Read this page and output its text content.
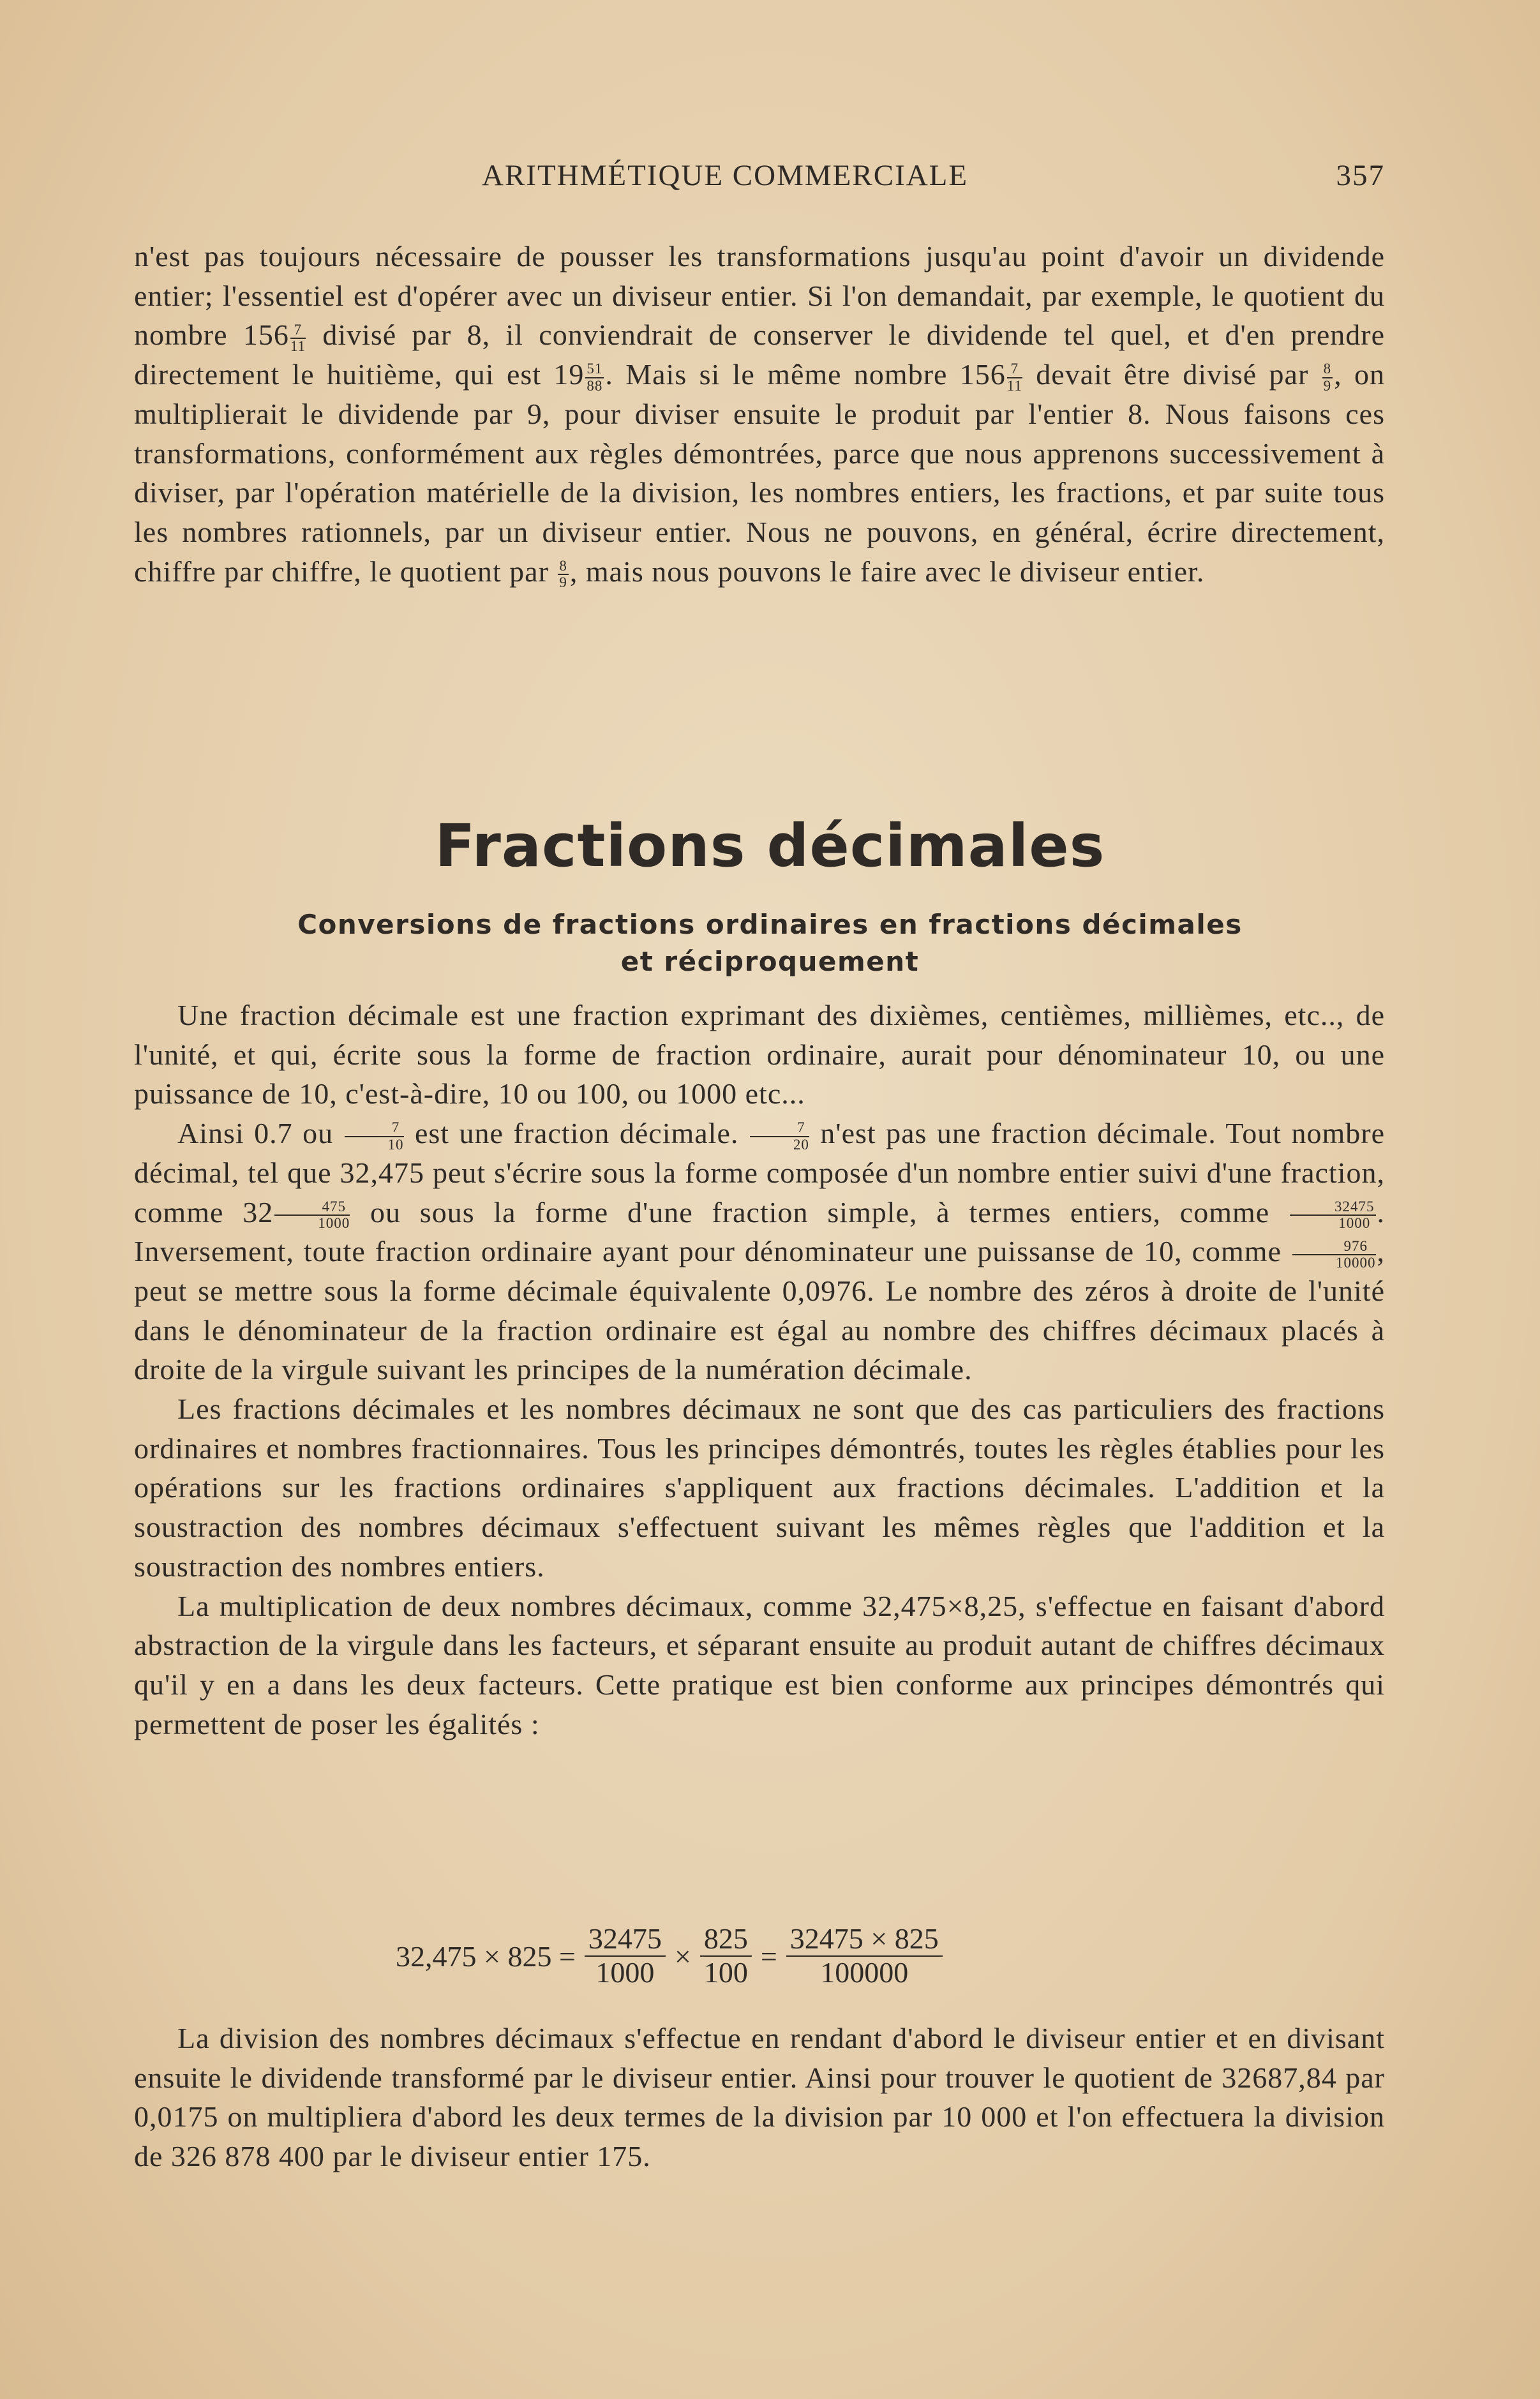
ARITHMÉTIQUE COMMERCIALE	357

n'est pas toujours nécessaire de pousser les transformations jusqu'au point d'avoir un dividende entier; l'essentiel est d'opérer avec un diviseur entier. Si l'on demandait, par exemple, le quotient du nombre $156 \frac{7}{11}$ divisé par 8, il conviendrait de conserver le dividende tel quel, et d'en prendre directement le huitième, qui est $19 \frac{51}{88}$ . Mais si le même nombre $156 \frac{7}{11}$ devait être divisé par $\frac{8}{9}$ , on multiplierait le dividende par 9, pour diviser ensuite le produit par l'entier 8. Nous faisons ces transformations, conformément aux règles démontrées, parce que nous apprenons successivement à diviser, par l'opération matérielle de la division, les nombres entiers, les fractions, et par suite tous les nombres rationnels, par un diviseur entier. Nous ne pouvons, en général, écrire directement, chiffre par chiffre, le quotient par $\frac{8}{9}$ , mais nous pouvons le faire avec le diviseur entier.

Fractions décimales
Conversions de fractions ordinaires en fractions décimales
et réciproquement

Une fraction décimale est une fraction exprimant des dixièmes, centièmes, millièmes, etc.., de l'unité, et qui, écrite sous la forme de fraction ordinaire, aurait pour dénominateur 10, ou une puissance de 10, c'est-à-dire, 10 ou 100, ou 1000 etc...

Ainsi 0.7 ou $\frac{7}{10}$ est une fraction décimale. $\frac{7}{20} n'est$ pas une fraction décimale. Tout nombre décimal, tel que 32,475 peut s'écrire sous la forme composée d'un nombre entier suivi d'une fraction, comme $32 \frac{475}{1000}$ ou sous la forme d'une fraction simple, à termes entiers, comme $\frac{32475}{1000}$ . Inversement, toute fraction ordinaire ayant pour dénominateur une puissanse de 10, comme $\frac{976}{10000}$ , peut se mettre sous la forme décimale équivalente 0,0976. Le nombre des zéros à droite de l'unité dans le dénominateur de la fraction ordinaire est égal au nombre des chiffres décimaux placés à droite de la virgule suivant les principes de la numération décimale.

Les fractions décimales et les nombres décimaux ne sont que des cas particuliers des fractions ordinaires et nombres fractionnaires. Tous les principes démontrés, toutes les règles établies pour les opérations sur les fractions ordinaires s'appliquent aux fractions décimales. L'addition et la soustraction des nombres décimaux s'effectuent suivant les mêmes règles que l'addition et la soustraction des nombres entiers.

La multiplication de deux nombres décimaux, comme 32,475×8,25, s'effectue en faisant d'abord abstraction de la virgule dans les facteurs, et séparant ensuite au produit autant de chiffres décimaux qu'il y en a dans les deux facteurs. Cette pratique est bien conforme aux principes démontrés qui permettent de poser les égalités :

$32,475 \times 825 = \frac{32475}{1000} \times \frac{825}{100} = \frac{32475 \times 825}{100000}$

La division des nombres décimaux s'effectue en rendant d'abord le diviseur entier et en divisant ensuite le dividende transformé par le diviseur entier. Ainsi pour trouver le quotient de 32687,84 par 0,0175 on multipliera d'abord les deux termes de la division par 10 000 et l'on effectuera la division de 326 878 400 par le diviseur entier 175.
